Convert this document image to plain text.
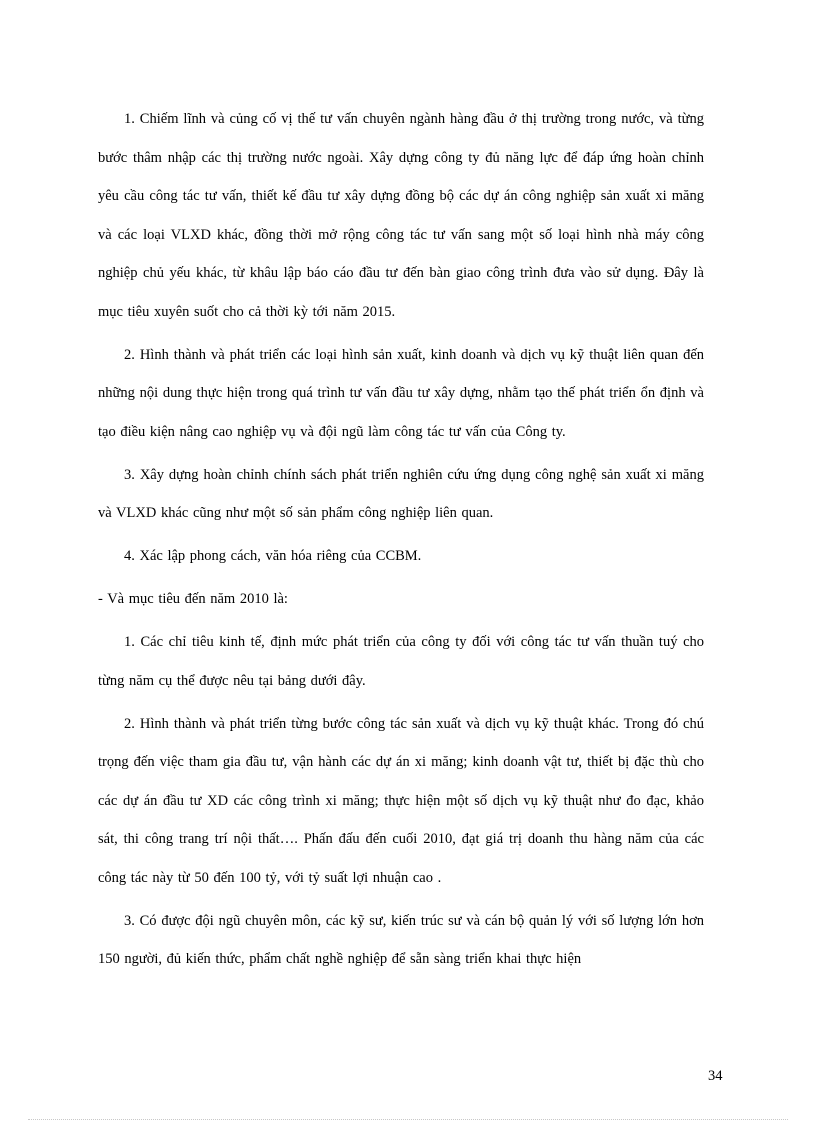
1. Chiếm lĩnh và củng cố vị thế tư vấn chuyên ngành hàng đầu ở thị trường trong nước, và từng bước thâm nhập các thị trường nước ngoài. Xây dựng công ty đủ năng lực để đáp ứng hoàn chỉnh yêu cầu công tác tư vấn, thiết kế đầu tư xây dựng đồng bộ các dự án công nghiệp sản xuất xi măng và các loại VLXD khác, đồng thời mở rộng công tác tư vấn sang một số loại hình nhà máy công nghiệp chủ yếu khác, từ khâu lập báo cáo đầu tư đến bàn giao công trình đưa vào sử dụng. Đây là mục tiêu xuyên suốt cho cả thời kỳ tới năm 2015.

2. Hình thành và phát triển các loại hình sản xuất, kinh doanh và dịch vụ kỹ thuật liên quan đến những nội dung thực hiện trong quá trình tư vấn đầu tư xây dựng, nhằm tạo thế phát triển ổn định và tạo điều kiện nâng cao nghiệp vụ và đội ngũ làm công tác tư vấn của Công ty.

3. Xây dựng hoàn chỉnh chính sách phát triển nghiên cứu ứng dụng công nghệ sản xuất xi măng và VLXD khác cũng như một số sản phẩm công nghiệp liên quan.

4. Xác lập phong cách, văn hóa riêng của CCBM.

- Và mục tiêu đến năm 2010 là:

1. Các chỉ tiêu kinh tế, định mức phát triển của công ty đối với công tác tư vấn thuần tuý cho từng năm cụ thể được nêu tại bảng dưới đây.

2. Hình thành và phát triển từng bước công tác sản xuất và dịch vụ kỹ thuật khác. Trong đó chú trọng đến việc tham gia đầu tư, vận hành các dự án xi măng; kinh doanh vật tư, thiết bị đặc thù cho các dự án đầu tư XD các công trình xi măng; thực hiện một số dịch vụ kỹ thuật như đo đạc, khảo sát, thi công trang trí nội thất…. Phấn đấu đến cuối 2010, đạt giá trị doanh thu hàng năm của các công tác này từ 50 đến 100 tỷ, với tỷ suất lợi nhuận cao .

3. Có được đội ngũ chuyên môn, các kỹ sư, kiến trúc sư và cán bộ quản lý với số lượng lớn hơn 150 người, đủ kiến thức, phẩm chất nghề nghiệp để sẵn sàng triển khai thực hiện

34
